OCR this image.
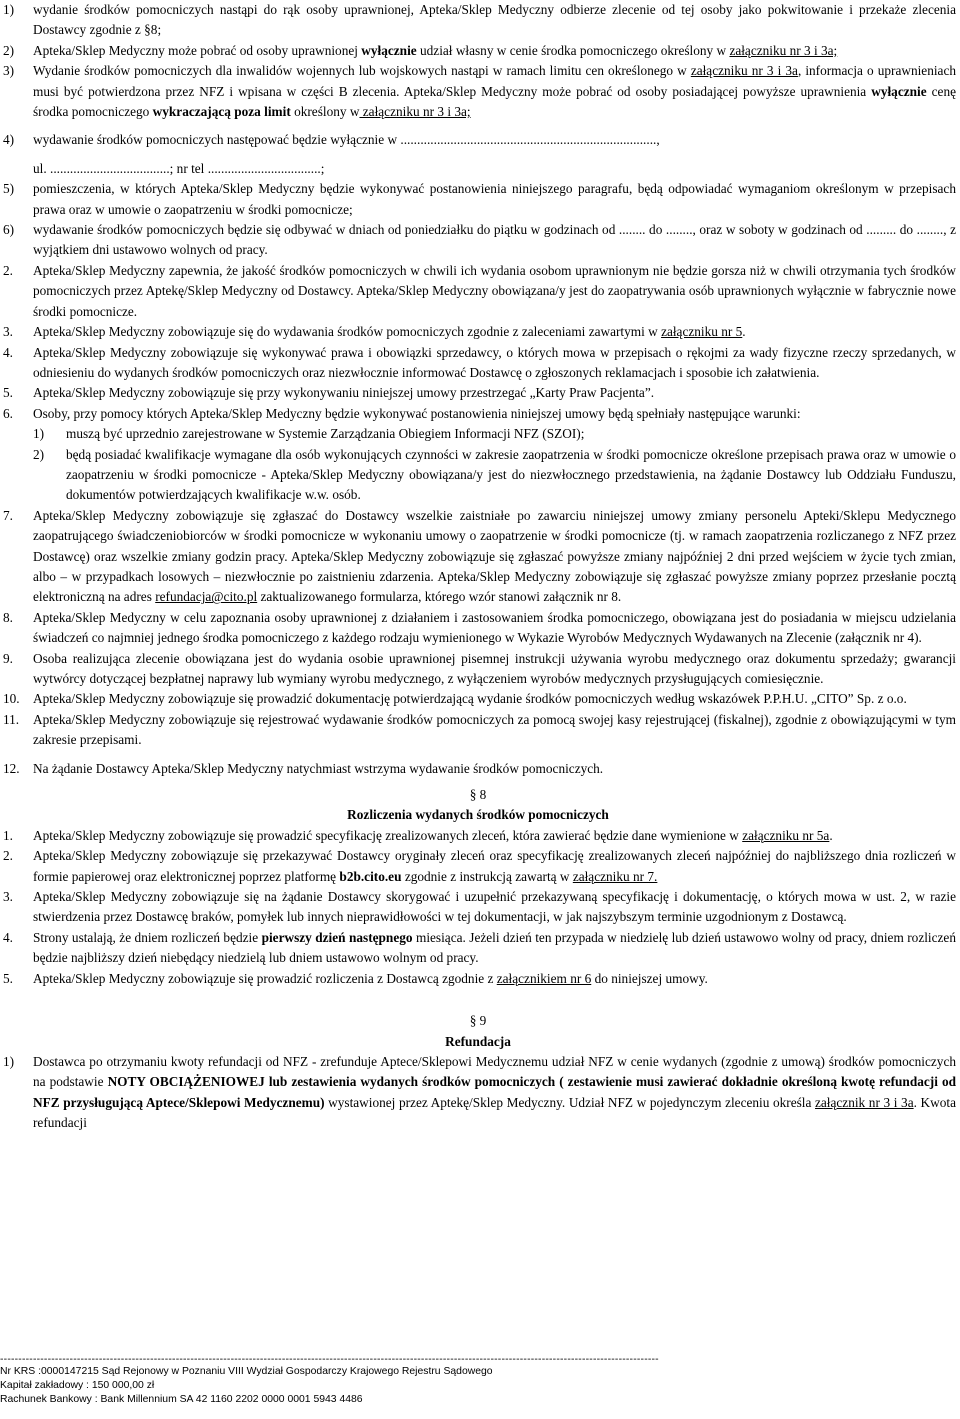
1) wydanie środków pomocniczych nastąpi do rąk osoby uprawnionej, Apteka/Sklep Medyczny odbierze zlecenie od tej osoby jako pokwitowanie i przekaże zlecenia Dostawcy zgodnie z §8;
2) Apteka/Sklep Medyczny może pobrać od osoby uprawnionej wyłącznie udział własny w cenie środka pomocniczego określony w załączniku nr 3 i 3a;
3) Wydanie środków pomocniczych dla inwalidów wojennych lub wojskowych nastąpi w ramach limitu cen określonego w załączniku nr 3 i 3a, informacja o uprawnieniach musi być potwierdzona przez NFZ i wpisana w części B zlecenia. Apteka/Sklep Medyczny może pobrać od osoby posiadającej powyższe uprawnienia wyłącznie cenę środka pomocniczego wykraczającą poza limit określony w załączniku nr 3 i 3a;
4) wydawanie środków pomocniczych następować będzie wyłącznie w .............................................................................,
ul. ....................................; nr tel ..................................;
5) pomieszczenia, w których Apteka/Sklep Medyczny będzie wykonywać postanowienia niniejszego paragrafu, będą odpowiadać wymaganiom określonym w przepisach prawa oraz w umowie o zaopatrzeniu w środki pomocnicze;
6) wydawanie środków pomocniczych będzie się odbywać w dniach od poniedziałku do piątku w godzinach od ........ do ........, oraz w soboty w godzinach od ......... do ........, z wyjątkiem dni ustawowo wolnych od pracy.
2. Apteka/Sklep Medyczny zapewnia, że jakość środków pomocniczych w chwili ich wydania osobom uprawnionym nie będzie gorsza niż w chwili otrzymania tych środków pomocniczych przez Aptekę/Sklep Medyczny od Dostawcy. Apteka/Sklep Medyczny obowiązana/y jest do zaopatrywania osób uprawnionych wyłącznie w fabrycznie nowe środki pomocnicze.
3. Apteka/Sklep Medyczny zobowiązuje się do wydawania środków pomocniczych zgodnie z zaleceniami zawartymi w załączniku nr 5.
4. Apteka/Sklep Medyczny zobowiązuje się wykonywać prawa i obowiązki sprzedawcy, o których mowa w przepisach o rękojmi za wady fizyczne rzeczy sprzedanych, w odniesieniu do wydanych środków pomocniczych oraz niezwłocznie informować Dostawcę o zgłoszonych reklamacjach i sposobie ich załatwienia.
5. Apteka/Sklep Medyczny zobowiązuje się przy wykonywaniu niniejszej umowy przestrzegać „Karty Praw Pacjenta”.
6. Osoby, przy pomocy których Apteka/Sklep Medyczny będzie wykonywać postanowienia niniejszej umowy będą spełniały następujące warunki:
1) muszą być uprzednio zarejestrowane w Systemie Zarządzania Obiegiem Informacji NFZ (SZOI);
2) będą posiadać kwalifikacje wymagane dla osób wykonujących czynności w zakresie zaopatrzenia w środki pomocnicze określone przepisach prawa oraz w umowie o zaopatrzeniu w środki pomocnicze - Apteka/Sklep Medyczny obowiązana/y jest do niezwłocznego przedstawienia, na żądanie Dostawcy lub Oddziału Funduszu, dokumentów potwierdzających kwalifikacje w.w. osób.
7. Apteka/Sklep Medyczny zobowiązuje się zgłaszać do Dostawcy wszelkie zaistniałe po zawarciu niniejszej umowy zmiany personelu Apteki/Sklepu Medycznego zaopatrującego świadczeniobiorców w środki pomocnicze w wykonaniu umowy o zaopatrzenie w środki pomocnicze (tj. w ramach zaopatrzenia rozliczanego z NFZ przez Dostawcę) oraz wszelkie zmiany godzin pracy. Apteka/Sklep Medyczny zobowiązuje się zgłaszać powyższe zmiany najpóźniej 2 dni przed wejściem w życie tych zmian, albo – w przypadkach losowych – niezwłocznie po zaistnieniu zdarzenia. Apteka/Sklep Medyczny zobowiązuje się zgłaszać powyższe zmiany poprzez przesłanie pocztą elektroniczną na adres refundacja@cito.pl zaktualizowanego formularza, którego wzór stanowi załącznik nr 8.
8. Apteka/Sklep Medyczny w celu zapoznania osoby uprawnionej z działaniem i zastosowaniem środka pomocniczego, obowiązana jest do posiadania w miejscu udzielania świadczeń co najmniej jednego środka pomocniczego z każdego rodzaju wymienionego w Wykazie Wyrobów Medycznych Wydawanych na Zlecenie (załącznik nr 4).
9. Osoba realizująca zlecenie obowiązana jest do wydania osobie uprawnionej pisemnej instrukcji używania wyrobu medycznego oraz dokumentu sprzedaży; gwarancji wytwórcy dotyczącej bezpłatnej naprawy lub wymiany wyrobu medycznego, z wyłączeniem wyrobów medycznych przysługujących comiesięcznie.
10. Apteka/Sklep Medyczny zobowiązuje się prowadzić dokumentację potwierdzającą wydanie środków pomocniczych według wskazówek P.P.H.U. „CITO” Sp. z o.o.
11. Apteka/Sklep Medyczny zobowiązuje się rejestrować wydawanie środków pomocniczych za pomocą swojej kasy rejestrującej (fiskalnej), zgodnie z obowiązującymi w tym zakresie przepisami.
12. Na żądanie Dostawcy Apteka/Sklep Medyczny natychmiast wstrzyma wydawanie środków pomocniczych.
§ 8
Rozliczenia wydanych środków pomocniczych
1. Apteka/Sklep Medyczny zobowiązuje się prowadzić specyfikację zrealizowanych zleceń, która zawierać będzie dane wymienione w załączniku nr 5a.
2. Apteka/Sklep Medyczny zobowiązuje się przekazywać Dostawcy oryginały zleceń oraz specyfikację zrealizowanych zleceń najpóźniej do najbliższego dnia rozliczeń w formie papierowej oraz elektronicznej poprzez platformę b2b.cito.eu zgodnie z instrukcją zawartą w załączniku nr 7.
3. Apteka/Sklep Medyczny zobowiązuje się na żądanie Dostawcy skorygować i uzupełnić przekazywaną specyfikację i dokumentację, o których mowa w ust. 2, w razie stwierdzenia przez Dostawcę braków, pomyłek lub innych nieprawidłowości w tej dokumentacji, w jak najszybszym terminie uzgodnionym z Dostawcą.
4. Strony ustalają, że dniem rozliczeń będzie pierwszy dzień następnego miesiąca. Jeżeli dzień ten przypada w niedzielę lub dzień ustawowo wolny od pracy, dniem rozliczeń będzie najbliższy dzień niebędący niedzielą lub dniem ustawowo wolnym od pracy.
5. Apteka/Sklep Medyczny zobowiązuje się prowadzić rozliczenia z Dostawcą zgodnie z załącznikiem nr 6 do niniejszej umowy.
§ 9
Refundacja
1) Dostawca po otrzymaniu kwoty refundacji od NFZ - zrefunduje Aptece/Sklepowi Medycznemu udział NFZ w cenie wydanych (zgodnie z umową) środków pomocniczych na podstawie NOTY OBCIĄŻENIOWEJ lub zestawienia wydanych środków pomocniczych ( zestawienie musi zawierać dokładnie określoną kwotę refundacji od NFZ przysługującą Aptece/Sklepowi Medycznemu) wystawionej przez Aptekę/Sklep Medyczny. Udział NFZ w pojedynczym zleceniu określa załącznik nr 3 i 3a. Kwota refundacji
------------------------------------------------------------------------------------------------------------------------------------------------------------------------------------
Nr KRS :0000147215 Sąd Rejonowy w Poznaniu VIII Wydział Gospodarczy Krajowego Rejestru Sądowego
Kapitał zakładowy : 150 000,00 zł
Rachunek Bankowy : Bank Millennium SA 42 1160 2202 0000 0001 5943 4486
